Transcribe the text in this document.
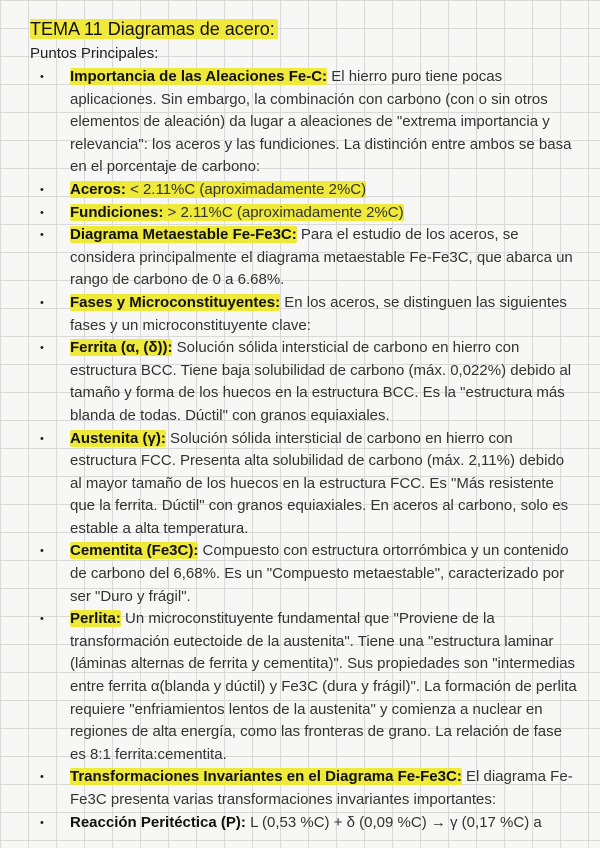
TEMA 11 Diagramas de acero:
Puntos Principales:
• Importancia de las Aleaciones Fe-C: El hierro puro tiene pocas aplicaciones. Sin embargo, la combinación con carbono (con o sin otros elementos de aleación) da lugar a aleaciones de "extrema importancia y relevancia": los aceros y las fundiciones. La distinción entre ambos se basa en el porcentaje de carbono:
• Aceros: < 2.11%C (aproximadamente 2%C)
• Fundiciones: > 2.11%C (aproximadamente 2%C)
• Diagrama Metaestable Fe-Fe3C: Para el estudio de los aceros, se considera principalmente el diagrama metaestable Fe-Fe3C, que abarca un rango de carbono de 0 a 6.68%.
• Fases y Microconstituyentes: En los aceros, se distinguen las siguientes fases y un microconstituyente clave:
• Ferrita (α, (δ)): Solución sólida intersticial de carbono en hierro con estructura BCC. Tiene baja solubilidad de carbono (máx. 0,022%) debido al tamaño y forma de los huecos en la estructura BCC. Es la "estructura más blanda de todas. Dúctil" con granos equiaxiales.
• Austenita (γ): Solución sólida intersticial de carbono en hierro con estructura FCC. Presenta alta solubilidad de carbono (máx. 2,11%) debido al mayor tamaño de los huecos en la estructura FCC. Es "Más resistente que la ferrita. Dúctil" con granos equiaxiales. En aceros al carbono, solo es estable a alta temperatura.
• Cementita (Fe3C): Compuesto con estructura ortorrómbica y un contenido de carbono del 6,68%. Es un "Compuesto metaestable", caracterizado por ser "Duro y frágil".
• Perlita: Un microconstituyente fundamental que "Proviene de la transformación eutectoide de la austenita". Tiene una "estructura laminar (láminas alternas de ferrita y cementita)". Sus propiedades son "intermedias entre ferrita α(blanda y dúctil) y Fe3C (dura y frágil)". La formación de perlita requiere "enfriamientos lentos de la austenita" y comienza a nuclear en regiones de alta energía, como las fronteras de grano. La relación de fase es 8:1 ferrita:cementita.
• Transformaciones Invariantes en el Diagrama Fe-Fe3C: El diagrama Fe-Fe3C presenta varias transformaciones invariantes importantes:
• Reacción Peritéctica (P): L (0,53 %C) + δ (0,09 %C) → γ (0,17 %C) a
